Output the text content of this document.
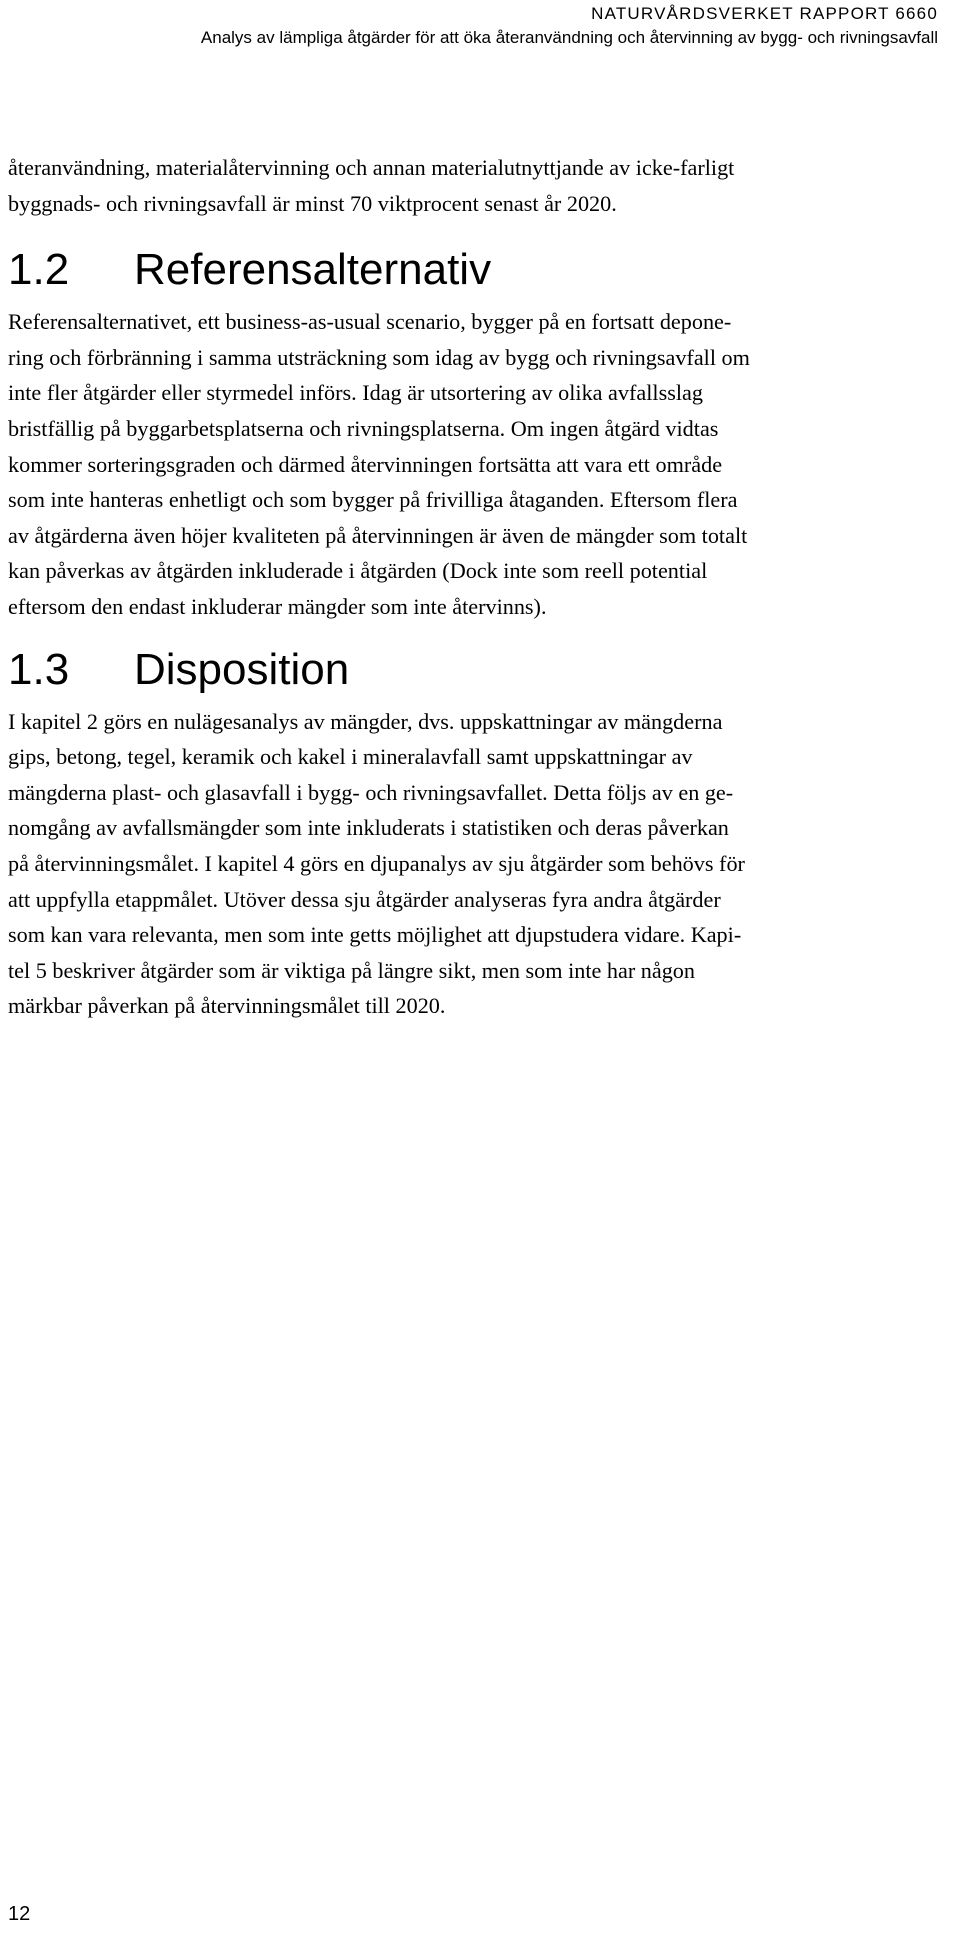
NATURVÅRDSVERKET RAPPORT 6660
Analys av lämpliga åtgärder för att öka återanvändning och återvinning av bygg- och rivningsavfall

återanvändning, materialåtervinning och annan materialutnyttjande av icke-farligt
byggnads- och rivningsavfall är minst 70 viktprocent senast år 2020.

1.2 Referensalternativ

Referensalternativet, ett business-as-usual scenario, bygger på en fortsatt depone-
ring och förbränning i samma utsträckning som idag av bygg och rivningsavfall om
inte fler åtgärder eller styrmedel införs. Idag är utsortering av olika avfallsslag
bristfällig på byggarbetsplatserna och rivningsplatserna. Om ingen åtgärd vidtas
kommer sorteringsgraden och därmed återvinningen fortsätta att vara ett område
som inte hanteras enhetligt och som bygger på frivilliga åtaganden. Eftersom flera
av åtgärderna även höjer kvaliteten på återvinningen är även de mängder som totalt
kan påverkas av åtgärden inkluderade i åtgärden (Dock inte som reell potential
eftersom den endast inkluderar mängder som inte återvinns).

1.3 Disposition

I kapitel 2 görs en nulägesanalys av mängder, dvs. uppskattningar av mängderna
gips, betong, tegel, keramik och kakel i mineralavfall samt uppskattningar av
mängderna plast- och glasavfall i bygg- och rivningsavfallet. Detta följs av en ge-
nomgång av avfallsmängder som inte inkluderats i statistiken och deras påverkan
på återvinningsmålet. I kapitel 4 görs en djupanalys av sju åtgärder som behövs för
att uppfylla etappmålet. Utöver dessa sju åtgärder analyseras fyra andra åtgärder
som kan vara relevanta, men som inte getts möjlighet att djupstudera vidare. Kapi-
tel 5 beskriver åtgärder som är viktiga på längre sikt, men som inte har någon
märkbar påverkan på återvinningsmålet till 2020.

12
